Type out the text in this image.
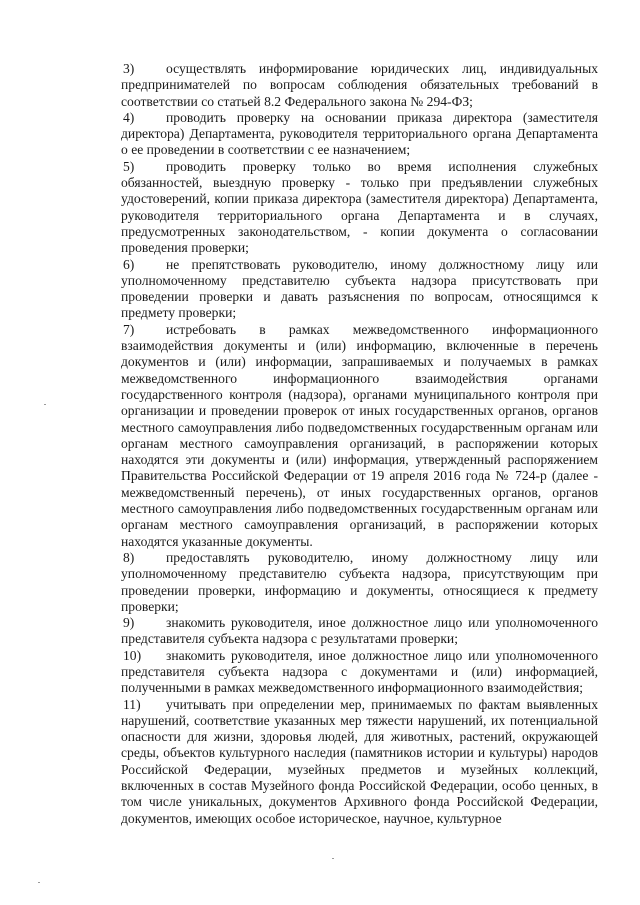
3) осуществлять информирование юридических лиц, индивидуальных предпринимателей по вопросам соблюдения обязательных требований в соответствии со статьей 8.2 Федерального закона № 294-ФЗ;

4) проводить проверку на основании приказа директора (заместителя директора) Департамента, руководителя территориального органа Департамента о ее проведении в соответствии с ее назначением;

5) проводить проверку только во время исполнения служебных обязанностей, выездную проверку - только при предъявлении служебных удостоверений, копии приказа директора (заместителя директора) Департамента, руководителя территориального органа Департамента и в случаях, предусмотренных законодательством, - копии документа о согласовании проведения проверки;

6) не препятствовать руководителю, иному должностному лицу или уполномоченному представителю субъекта надзора присутствовать при проведении проверки и давать разъяснения по вопросам, относящимся к предмету проверки;

7) истребовать в рамках межведомственного информационного взаимодействия документы и (или) информацию, включенные в перечень документов и (или) информации, запрашиваемых и получаемых в рамках межведомственного информационного взаимодействия органами государственного контроля (надзора), органами муниципального контроля при организации и проведении проверок от иных государственных органов, органов местного самоуправления либо подведомственных государственным органам или органам местного самоуправления организаций, в распоряжении которых находятся эти документы и (или) информация, утвержденный распоряжением Правительства Российской Федерации от 19 апреля 2016 года № 724-р (далее - межведомственный перечень), от иных государственных органов, органов местного самоуправления либо подведомственных государственным органам или органам местного самоуправления организаций, в распоряжении которых находятся указанные документы.

8) предоставлять руководителю, иному должностному лицу или уполномоченному представителю субъекта надзора, присутствующим при проведении проверки, информацию и документы, относящиеся к предмету проверки;

9) знакомить руководителя, иное должностное лицо или уполномоченного представителя субъекта надзора с результатами проверки;

10) знакомить руководителя, иное должностное лицо или уполномоченного представителя субъекта надзора с документами и (или) информацией, полученными в рамках межведомственного информационного взаимодействия;

11) учитывать при определении мер, принимаемых по фактам выявленных нарушений, соответствие указанных мер тяжести нарушений, их потенциальной опасности для жизни, здоровья людей, для животных, растений, окружающей среды, объектов культурного наследия (памятников истории и культуры) народов Российской Федерации, музейных предметов и музейных коллекций, включенных в состав Музейного фонда Российской Федерации, особо ценных, в том числе уникальных, документов Архивного фонда Российской Федерации, документов, имеющих особое историческое, научное, культурное
